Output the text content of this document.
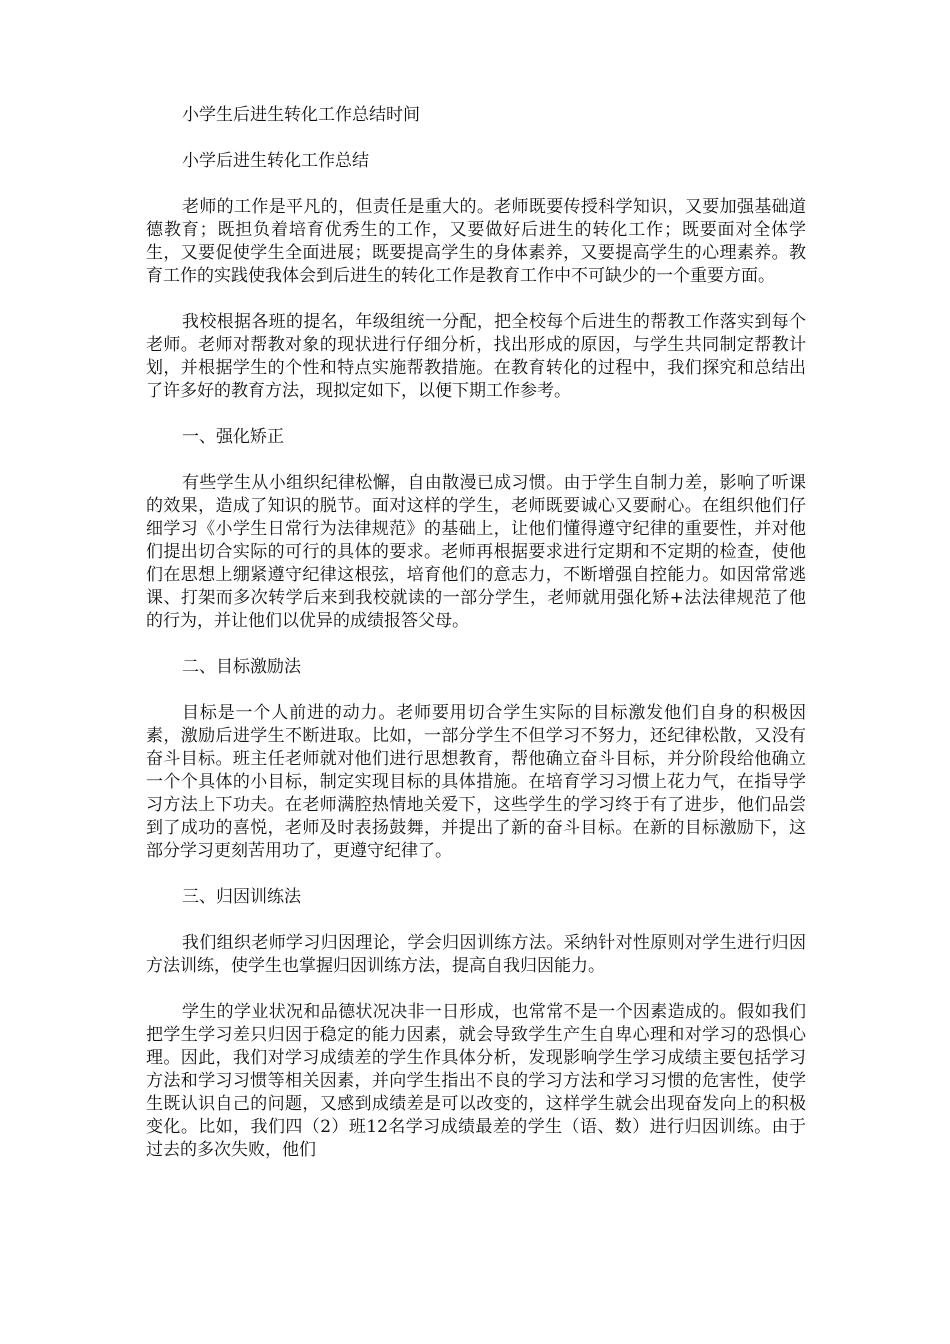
小学生后进生转化工作总结时间
小学后进生转化工作总结
老师的工作是平凡的，但责任是重大的。老师既要传授科学知识，又要加强基础道德教育；既担负着培育优秀生的工作，又要做好后进生的转化工作；既要面对全体学生，又要促使学生全面进展；既要提高学生的身体素养，又要提高学生的心理素养。教育工作的实践使我体会到后进生的转化工作是教育工作中不可缺少的一个重要方面。
我校根据各班的提名，年级组统一分配，把全校每个后进生的帮教工作落实到每个老师。老师对帮教对象的现状进行仔细分析，找出形成的原因，与学生共同制定帮教计划，并根据学生的个性和特点实施帮教措施。在教育转化的过程中，我们探究和总结出了许多好的教育方法，现拟定如下，以便下期工作参考。
一、强化矫正
有些学生从小组织纪律松懈，自由散漫已成习惯。由于学生自制力差，影响了听课的效果，造成了知识的脱节。面对这样的学生，老师既要诚心又要耐心。在组织他们仔细学习《小学生日常行为法律规范》的基础上，让他们懂得遵守纪律的重要性，并对他们提出切合实际的可行的具体的要求。老师再根据要求进行定期和不定期的检查，使他们在思想上绷紧遵守纪律这根弦，培育他们的意志力，不断增强自控能力。如因常常逃课、打架而多次转学后来到我校就读的一部分学生，老师就用强化矫+法法律规范了他的行为，并让他们以优异的成绩报答父母。
二、目标激励法
目标是一个人前进的动力。老师要用切合学生实际的目标激发他们自身的积极因素，激励后进学生不断进取。比如，一部分学生不但学习不努力，还纪律松散，又没有奋斗目标。班主任老师就对他们进行思想教育，帮他确立奋斗目标，并分阶段给他确立一个个具体的小目标，制定实现目标的具体措施。在培育学习习惯上花力气，在指导学习方法上下功夫。在老师满腔热情地关爱下，这些学生的学习终于有了进步，他们品尝到了成功的喜悦，老师及时表扬鼓舞，并提出了新的奋斗目标。在新的目标激励下，这部分学习更刻苦用功了，更遵守纪律了。
三、归因训练法
我们组织老师学习归因理论，学会归因训练方法。采纳针对性原则对学生进行归因方法训练，使学生也掌握归因训练方法，提高自我归因能力。
学生的学业状况和品德状况决非一日形成，也常常不是一个因素造成的。假如我们把学生学习差只归因于稳定的能力因素，就会导致学生产生自卑心理和对学习的恐惧心理。因此，我们对学习成绩差的学生作具体分析，发现影响学生学习成绩主要包括学习方法和学习习惯等相关因素，并向学生指出不良的学习方法和学习习惯的危害性，使学生既认识自己的问题，又感到成绩差是可以改变的，这样学生就会出现奋发向上的积极变化。比如，我们四（2）班12名学习成绩最差的学生（语、数）进行归因训练。由于过去的多次失败，他们
